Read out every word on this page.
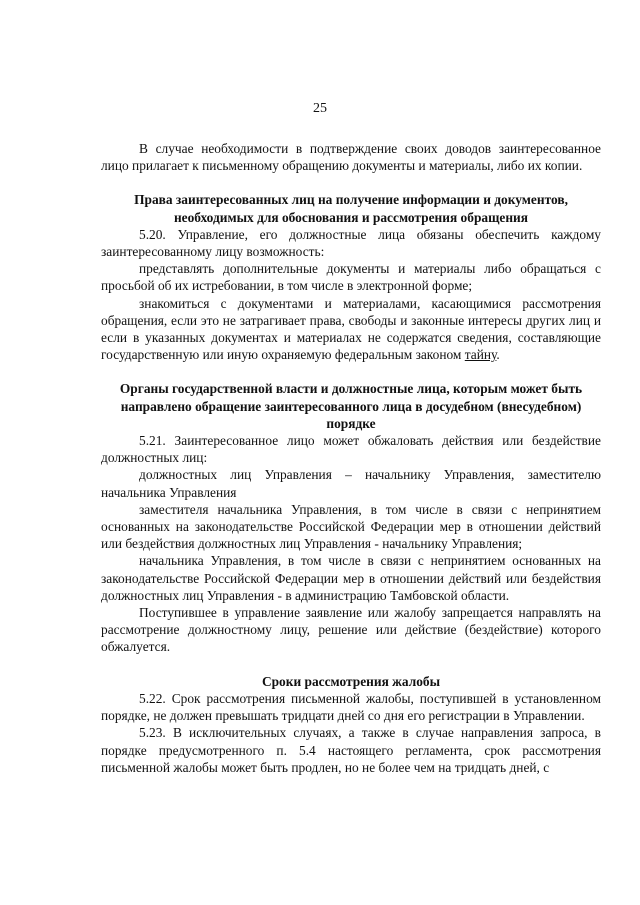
25

В случае необходимости в подтверждение своих доводов заинтересованное лицо прилагает к письменному обращению документы и материалы, либо их копии.

Права заинтересованных лиц на получение информации и документов, необходимых для обоснования и рассмотрения обращения

5.20. Управление, его должностные лица обязаны обеспечить каждому заинтересованному лицу возможность:

представлять дополнительные документы и материалы либо обращаться с просьбой об их истребовании, в том числе в электронной форме;

знакомиться с документами и материалами, касающимися рассмотрения обращения, если это не затрагивает права, свободы и законные интересы других лиц и если в указанных документах и материалах не содержатся сведения, составляющие государственную или иную охраняемую федеральным законом тайну.

Органы государственной власти и должностные лица, которым может быть направлено обращение заинтересованного лица в досудебном (внесудебном) порядке

5.21. Заинтересованное лицо может обжаловать действия или бездействие должностных лиц:

должностных лиц Управления – начальнику Управления, заместителю начальника Управления

заместителя начальника Управления, в том числе в связи с непринятием основанных на законодательстве Российской Федерации мер в отношении действий или бездействия должностных лиц Управления - начальнику Управления;

начальника Управления, в том числе в связи с непринятием основанных на законодательстве Российской Федерации мер в отношении действий или бездействия должностных лиц Управления - в администрацию Тамбовской области.

Поступившее в управление заявление или жалобу запрещается направлять на рассмотрение должностному лицу, решение или действие (бездействие) которого обжалуется.

Сроки рассмотрения жалобы

5.22. Срок рассмотрения письменной жалобы, поступившей в установленном порядке, не должен превышать тридцати дней со дня его регистрации в Управлении.

5.23. В исключительных случаях, а также в случае направления запроса, в порядке предусмотренного п. 5.4 настоящего регламента, срок рассмотрения письменной жалобы может быть продлен, но не более чем на тридцать дней, с
